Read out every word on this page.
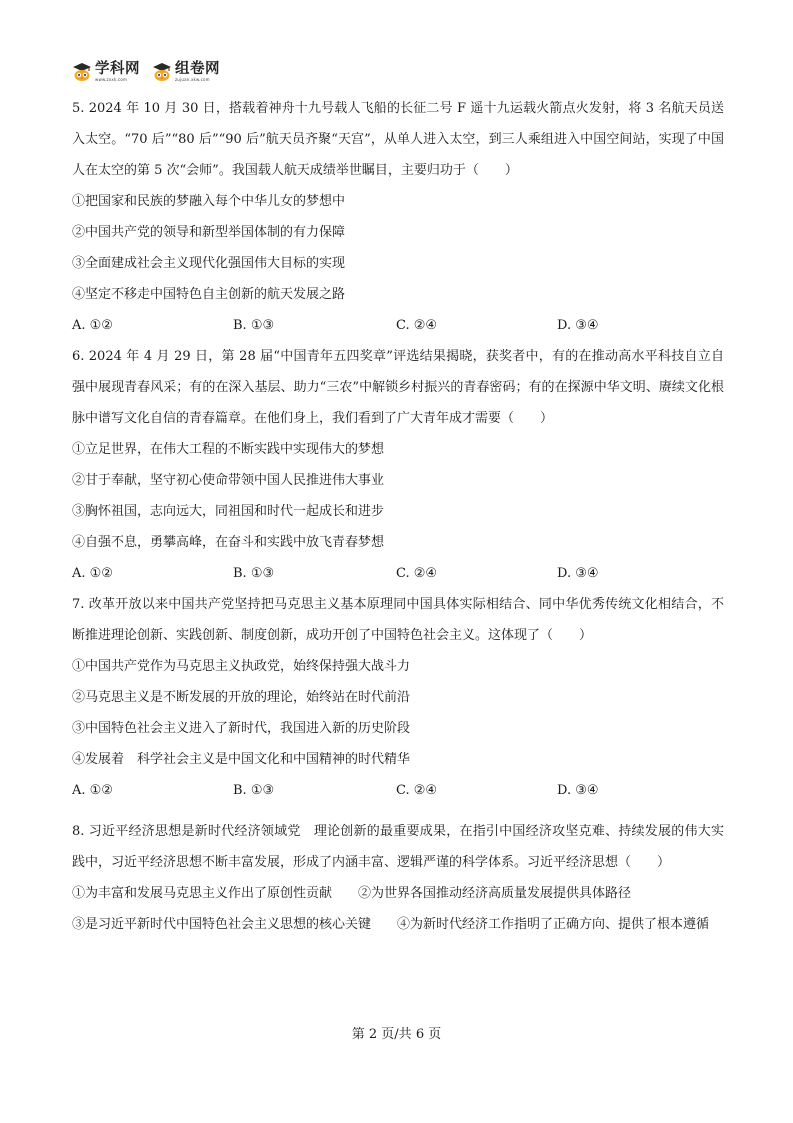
学科网
www.zxxk.com
组卷网
zujuan.xkw.com

5. 2024 年 10 月 30 日，搭载着神舟十九号载人飞船的长征二号 F 遥十九运载火箭点火发射，将 3 名航天员送入太空。“70 后”“80 后”“90 后”航天员齐聚“天宫”，从单人进入太空，到三人乘组进入中国空间站，实现了中国人在太空的第 5 次“会师”。我国载人航天成绩举世瞩目，主要归功于（　　）

①把国家和民族的梦融入每个中华儿女的梦想中

②中国共产党的领导和新型举国体制的有力保障

③全面建成社会主义现代化强国伟大目标的实现

④坚定不移走中国特色自主创新的航天发展之路

A. ①②	B. ①③	C. ②④	D. ③④

6. 2024 年 4 月 29 日，第 28 届“中国青年五四奖章”评选结果揭晓，获奖者中，有的在推动高水平科技自立自强中展现青春风采；有的在深入基层、助力“三农”中解锁乡村振兴的青春密码；有的在探源中华文明、赓续文化根脉中谱写文化自信的青春篇章。在他们身上，我们看到了广大青年成才需要（　　）

①立足世界，在伟大工程的不断实践中实现伟大的梦想

②甘于奉献，坚守初心使命带领中国人民推进伟大事业

③胸怀祖国，志向远大，同祖国和时代一起成长和进步

④自强不息，勇攀高峰，在奋斗和实践中放飞青春梦想

A. ①②	B. ①③	C. ②④	D. ③④

7. 改革开放以来中国共产党坚持把马克思主义基本原理同中国具体实际相结合、同中华优秀传统文化相结合，不断推进理论创新、实践创新、制度创新，成功开创了中国特色社会主义。这体现了（　　）

①中国共产党作为马克思主义执政党，始终保持强大战斗力

②马克思主义是不断发展的开放的理论，始终站在时代前沿

③中国特色社会主义进入了新时代，我国进入新的历史阶段

④发展着　科学社会主义是中国文化和中国精神的时代精华

A. ①②	B. ①③	C. ②④	D. ③④

8. 习近平经济思想是新时代经济领域党　理论创新的最重要成果，在指引中国经济攻坚克难、持续发展的伟大实践中，习近平经济思想不断丰富发展，形成了内涵丰富、逻辑严谨的科学体系。习近平经济思想（　　）

①为丰富和发展马克思主义作出了原创性贡献 ②为世界各国推动经济高质量发展提供具体路径

③是习近平新时代中国特色社会主义思想的核心关键　　 ④为新时代经济工作指明了正确方向、提供了根本遵循

第 2 页/共 6 页
